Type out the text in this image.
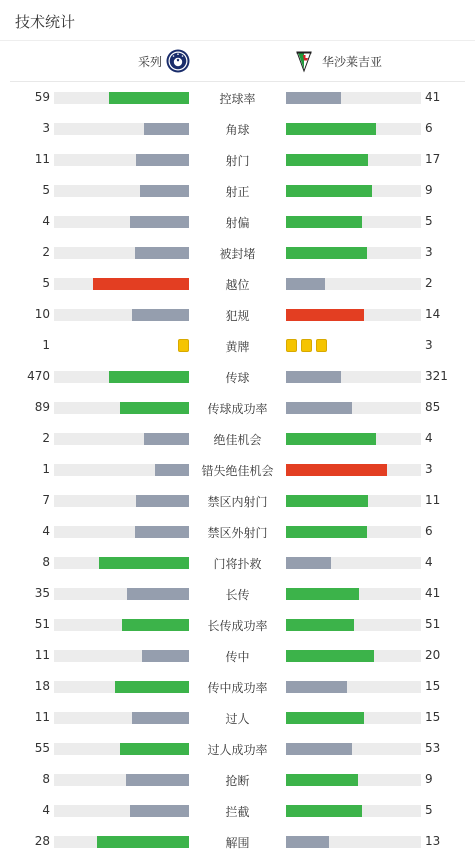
技术统计
采列	华沙莱吉亚
59	控球率	41
3	角球	6
11	射门	17
5	射正	9
4	射偏	5
2	被封堵	3
5	越位	2
10	犯规	14
1	黄牌	3
470	传球	321
89	传球成功率	85
2	绝佳机会	4
1	错失绝佳机会	3
7	禁区内射门	11
4	禁区外射门	6
8	门将扑救	4
35	长传	41
51	长传成功率	51
11	传中	20
18	传中成功率	15
11	过人	15
55	过人成功率	53
8	抢断	9
4	拦截	5
28	解围	13
